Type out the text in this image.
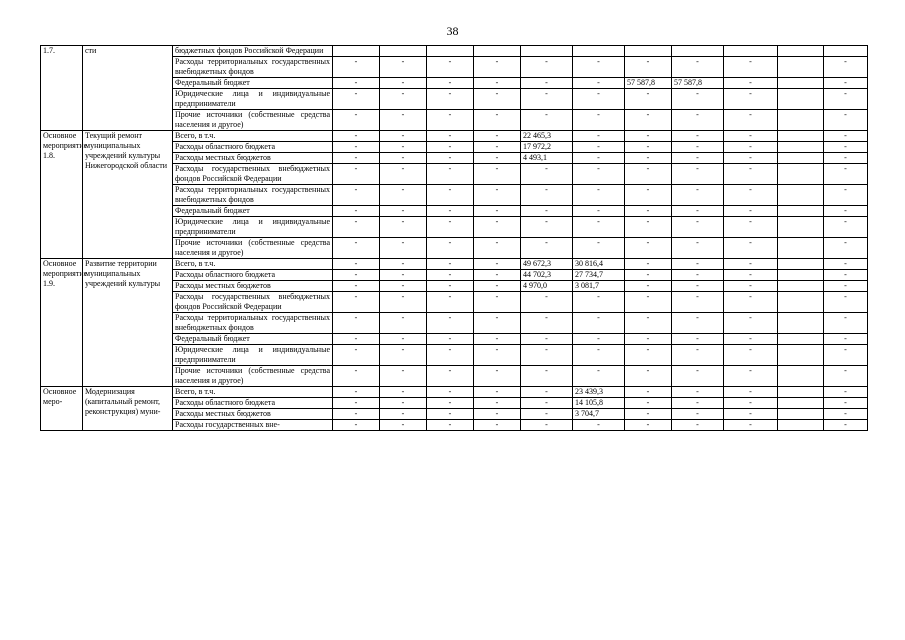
38
1.7.	сти	бюджетных фондов Российской Федерации											
		Расходы территориальных государственных внебюджетных фондов	-	-	-	-	-	-	-	-	-		-
		Федеральный бюджет	-	-	-	-	-	-	57 587,8	57 587,8	-		-
		Юридические лица и индивидуальные предприниматели	-	-	-	-	-	-	-	-	-		-
		Прочие источники (собственные средства населения и другое)	-	-	-	-	-	-	-	-	-		-
Основное мероприятие 1.8.	Текущий ремонт муниципальных учреждений культуры Нижегородской области	Всего, в т.ч.	-	-	-	-	22 465,3	-	-	-	-		-
		Расходы областного бюджета	-	-	-	-	17 972,2	-	-	-	-		-
		Расходы местных бюджетов	-	-	-	-	4 493,1	-	-	-	-		-
		Расходы государственных внебюджетных фондов Российской Федерации	-	-	-	-	-	-	-	-	-		-
		Расходы территориальных государственных внебюджетных фондов	-	-	-	-	-	-	-	-	-		-
		Федеральный бюджет	-	-	-	-	-	-	-	-	-		-
		Юридические лица и индивидуальные предприниматели	-	-	-	-	-	-	-	-	-		-
		Прочие источники (собственные средства населения и другое)	-	-	-	-	-	-	-	-	-		-
Основное мероприятие 1.9.	Развитие территории муниципальных учреждений культуры	Всего, в т.ч.	-	-	-	-	49 672,3	30 816,4	-	-	-		-
		Расходы областного бюджета	-	-	-	-	44 702,3	27 734,7	-	-	-		-
		Расходы местных бюджетов	-	-	-	-	4 970,0	3 081,7	-	-	-		-
		Расходы государственных внебюджетных фондов Российской Федерации	-	-	-	-	-	-	-	-	-		-
		Расходы территориальных государственных внебюджетных фондов	-	-	-	-	-	-	-	-	-		-
		Федеральный бюджет	-	-	-	-	-	-	-	-	-		-
		Юридические лица и индивидуальные предприниматели	-	-	-	-	-	-	-	-	-		-
		Прочие источники (собственные средства населения и другое)	-	-	-	-	-	-	-	-	-		-
Основное меро-	Модернизация (капитальный ремонт, реконструкция) муни-	Всего, в т.ч.	-	-	-	-	-	23 439,3	-	-	-		-
		Расходы областного бюджета	-	-	-	-	-	14 105,8	-	-	-		-
		Расходы местных бюджетов	-	-	-	-	-	3 704,7	-	-	-		-
		Расходы государственных вне-	-	-	-	-	-	-	-	-	-		-
